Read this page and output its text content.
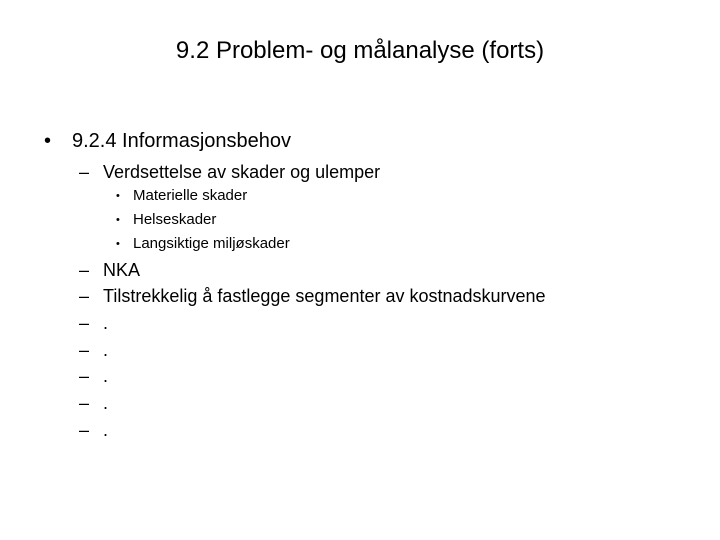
9.2 Problem- og målanalyse (forts)
• 9.2.4 Informasjonsbehov
– Verdsettelse av skader og ulemper
• Materielle skader
• Helseskader
• Langsiktige miljøskader
– NKA
– Tilstrekkelig å fastlegge segmenter av kostnadskurvene
– .
– .
– .
– .
– .
